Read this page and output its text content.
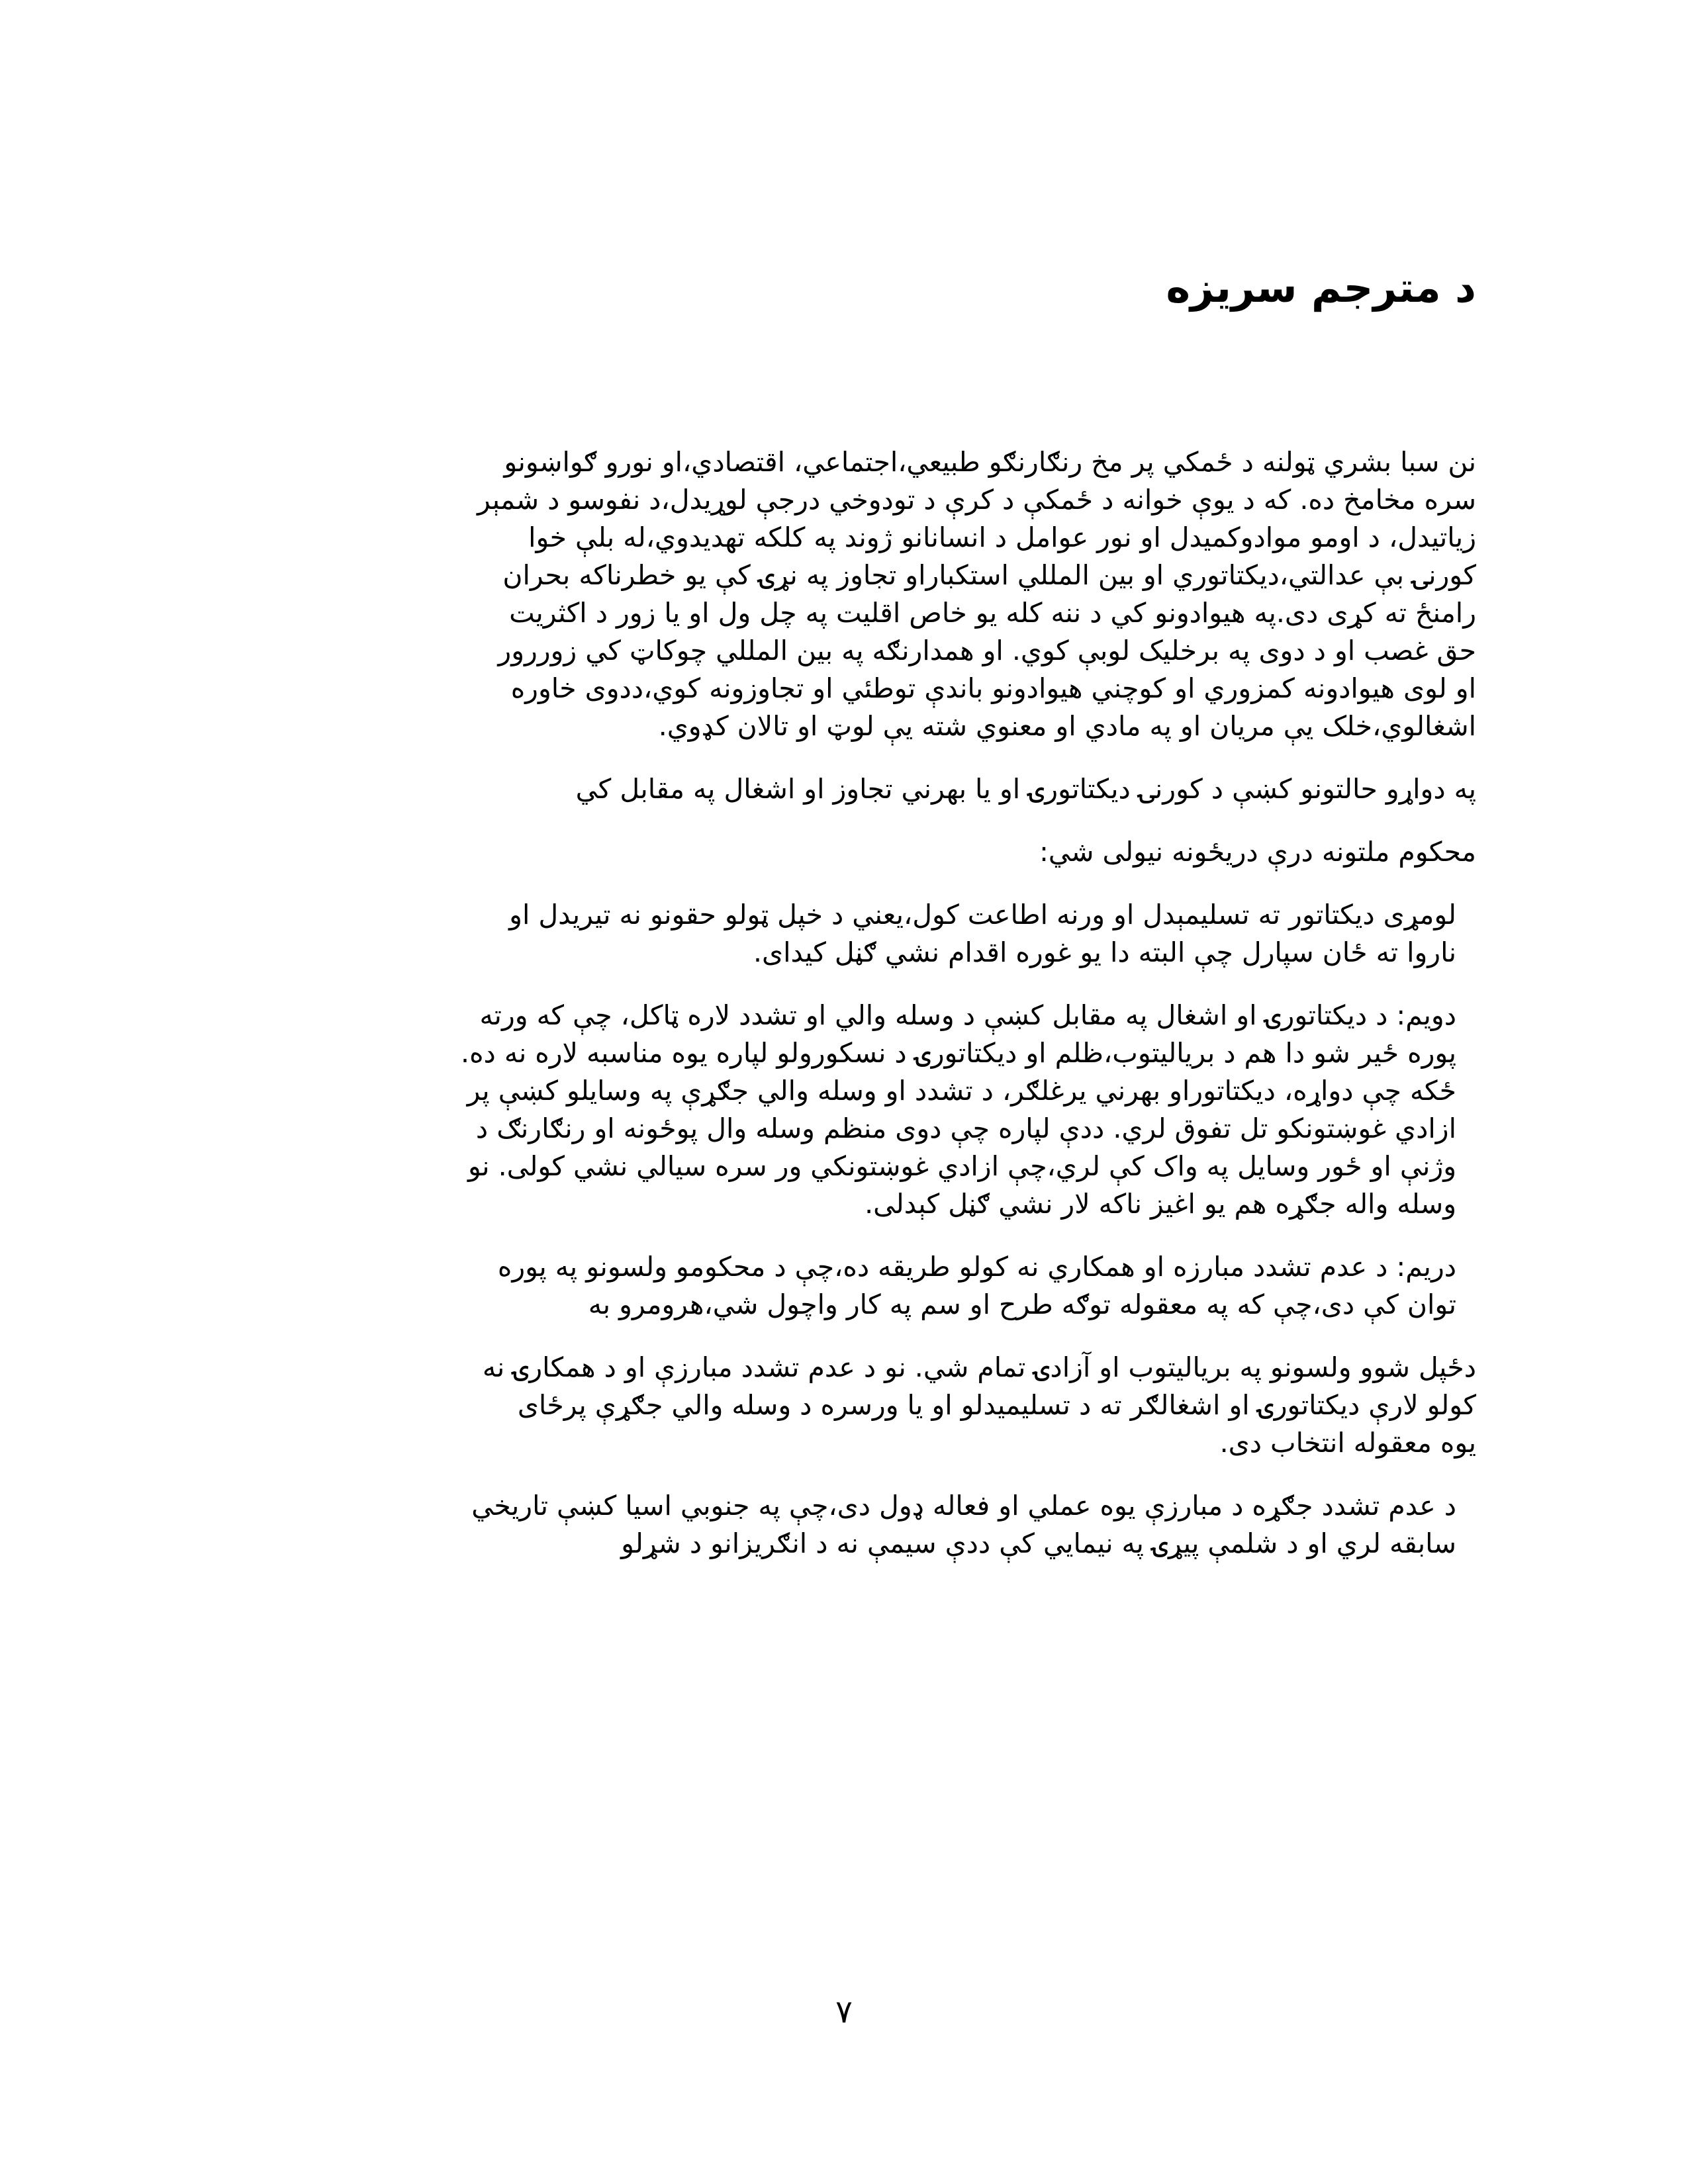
د مترجم سریزه

نن سبا بشري ټولنه د ځمکي پر مخ رنګارنګو طبيعي،اجتماعي، اقتصادي،او نورو ګواښونو
سره مخامخ ده. که د يوې خوانه د ځمکې د کرې د تودوخي درجې لوړیدل،د نفوسو د شمېر
زیاتیدل، د اومو موادوکمیدل او نور عوامل د انسانانو ژوند په کلکه تهديدوي،له بلې خوا
کورنۍ بې عدالتي،ديکتاتوري او بين المللي استکباراو تجاوز په نړۍ کې يو خطرناکه بحران
رامنځ ته کړی دی.په هيوادونو کي د ننه کله يو خاص اقليت په چل ول او يا زور د اکثريت
حق غصب او د دوی په برخليک لوبې کوي. او همدارنګه په بين المللي چوکاټ کي زوررور
او لوی هيوادونه کمزوري او کوچني هيوادونو باندې توطئي او تجاوزونه کوي،ددوی خاوره
اشغالوي،خلک يې مريان او په مادي او معنوي شته يې لوټ او تالان کډوي.

په دواړو حالتونو کښې د کورنۍ ديکتاتورۍ او يا بهرني تجاوز او اشغال په مقابل کي

محکوم ملتونه درې دريځونه نيولی شي:

لومړی ديکتاتور ته تسليمېدل او ورنه اطاعت کول،يعني د خپل ټولو حقونو نه تيريدل او
ناروا ته ځان سپارل چې البته دا يو غوره اقدام نشي ګڼل کيدای.

دويم: د ديکتاتورۍ او اشغال په مقابل کښې د وسله والي او تشدد لاره ټاکل، چې که ورته
پوره ځير شو دا هم د برياليتوب،ظلم او ديکتاتورۍ د نسکورولو لپاره يوه مناسبه لاره نه ده.
ځکه چې دواړه، ديکتاتوراو بهرني يرغلګر، د تشدد او وسله والي جګړې په وسايلو کښې پر
ازادي غوښتونکو تل تفوق لري. ددې لپاره چې دوی منظم وسله وال پوځونه او رنګارنګ د
وژنې او ځور وسايل په واک کې لري،چې ازادي غوښتونکي ور سره سيالي نشي کولی. نو
وسله واله جګړه هم يو اغيز ناکه لار نشي ګڼل کېدلی.

دريم: د عدم تشدد مبارزه او همکاري نه کولو طريقه ده،چې د محکومو ولسونو په پوره
توان کې دی،چې که په معقوله توګه طرح او سم په کار واچول شي،هرومرو به

دځپل شوو ولسونو په برياليتوب او آزادۍ تمام شي. نو د عدم تشدد مبارزې او د همکارۍ نه
کولو لارې ديکتاتورۍ او اشغالګر ته د تسليميدلو او يا ورسره د وسله والي جګړې پرځای
يوه معقوله انتخاب دی.

د عدم تشدد جګړه د مبارزې يوه عملي او فعاله ډول دی،چې په جنوبي اسيا کښې تاريخي
سابقه لري او د شلمې پيړۍ په نيمايي کې ددې سيمې نه د انګريزانو د شړلو

۷
